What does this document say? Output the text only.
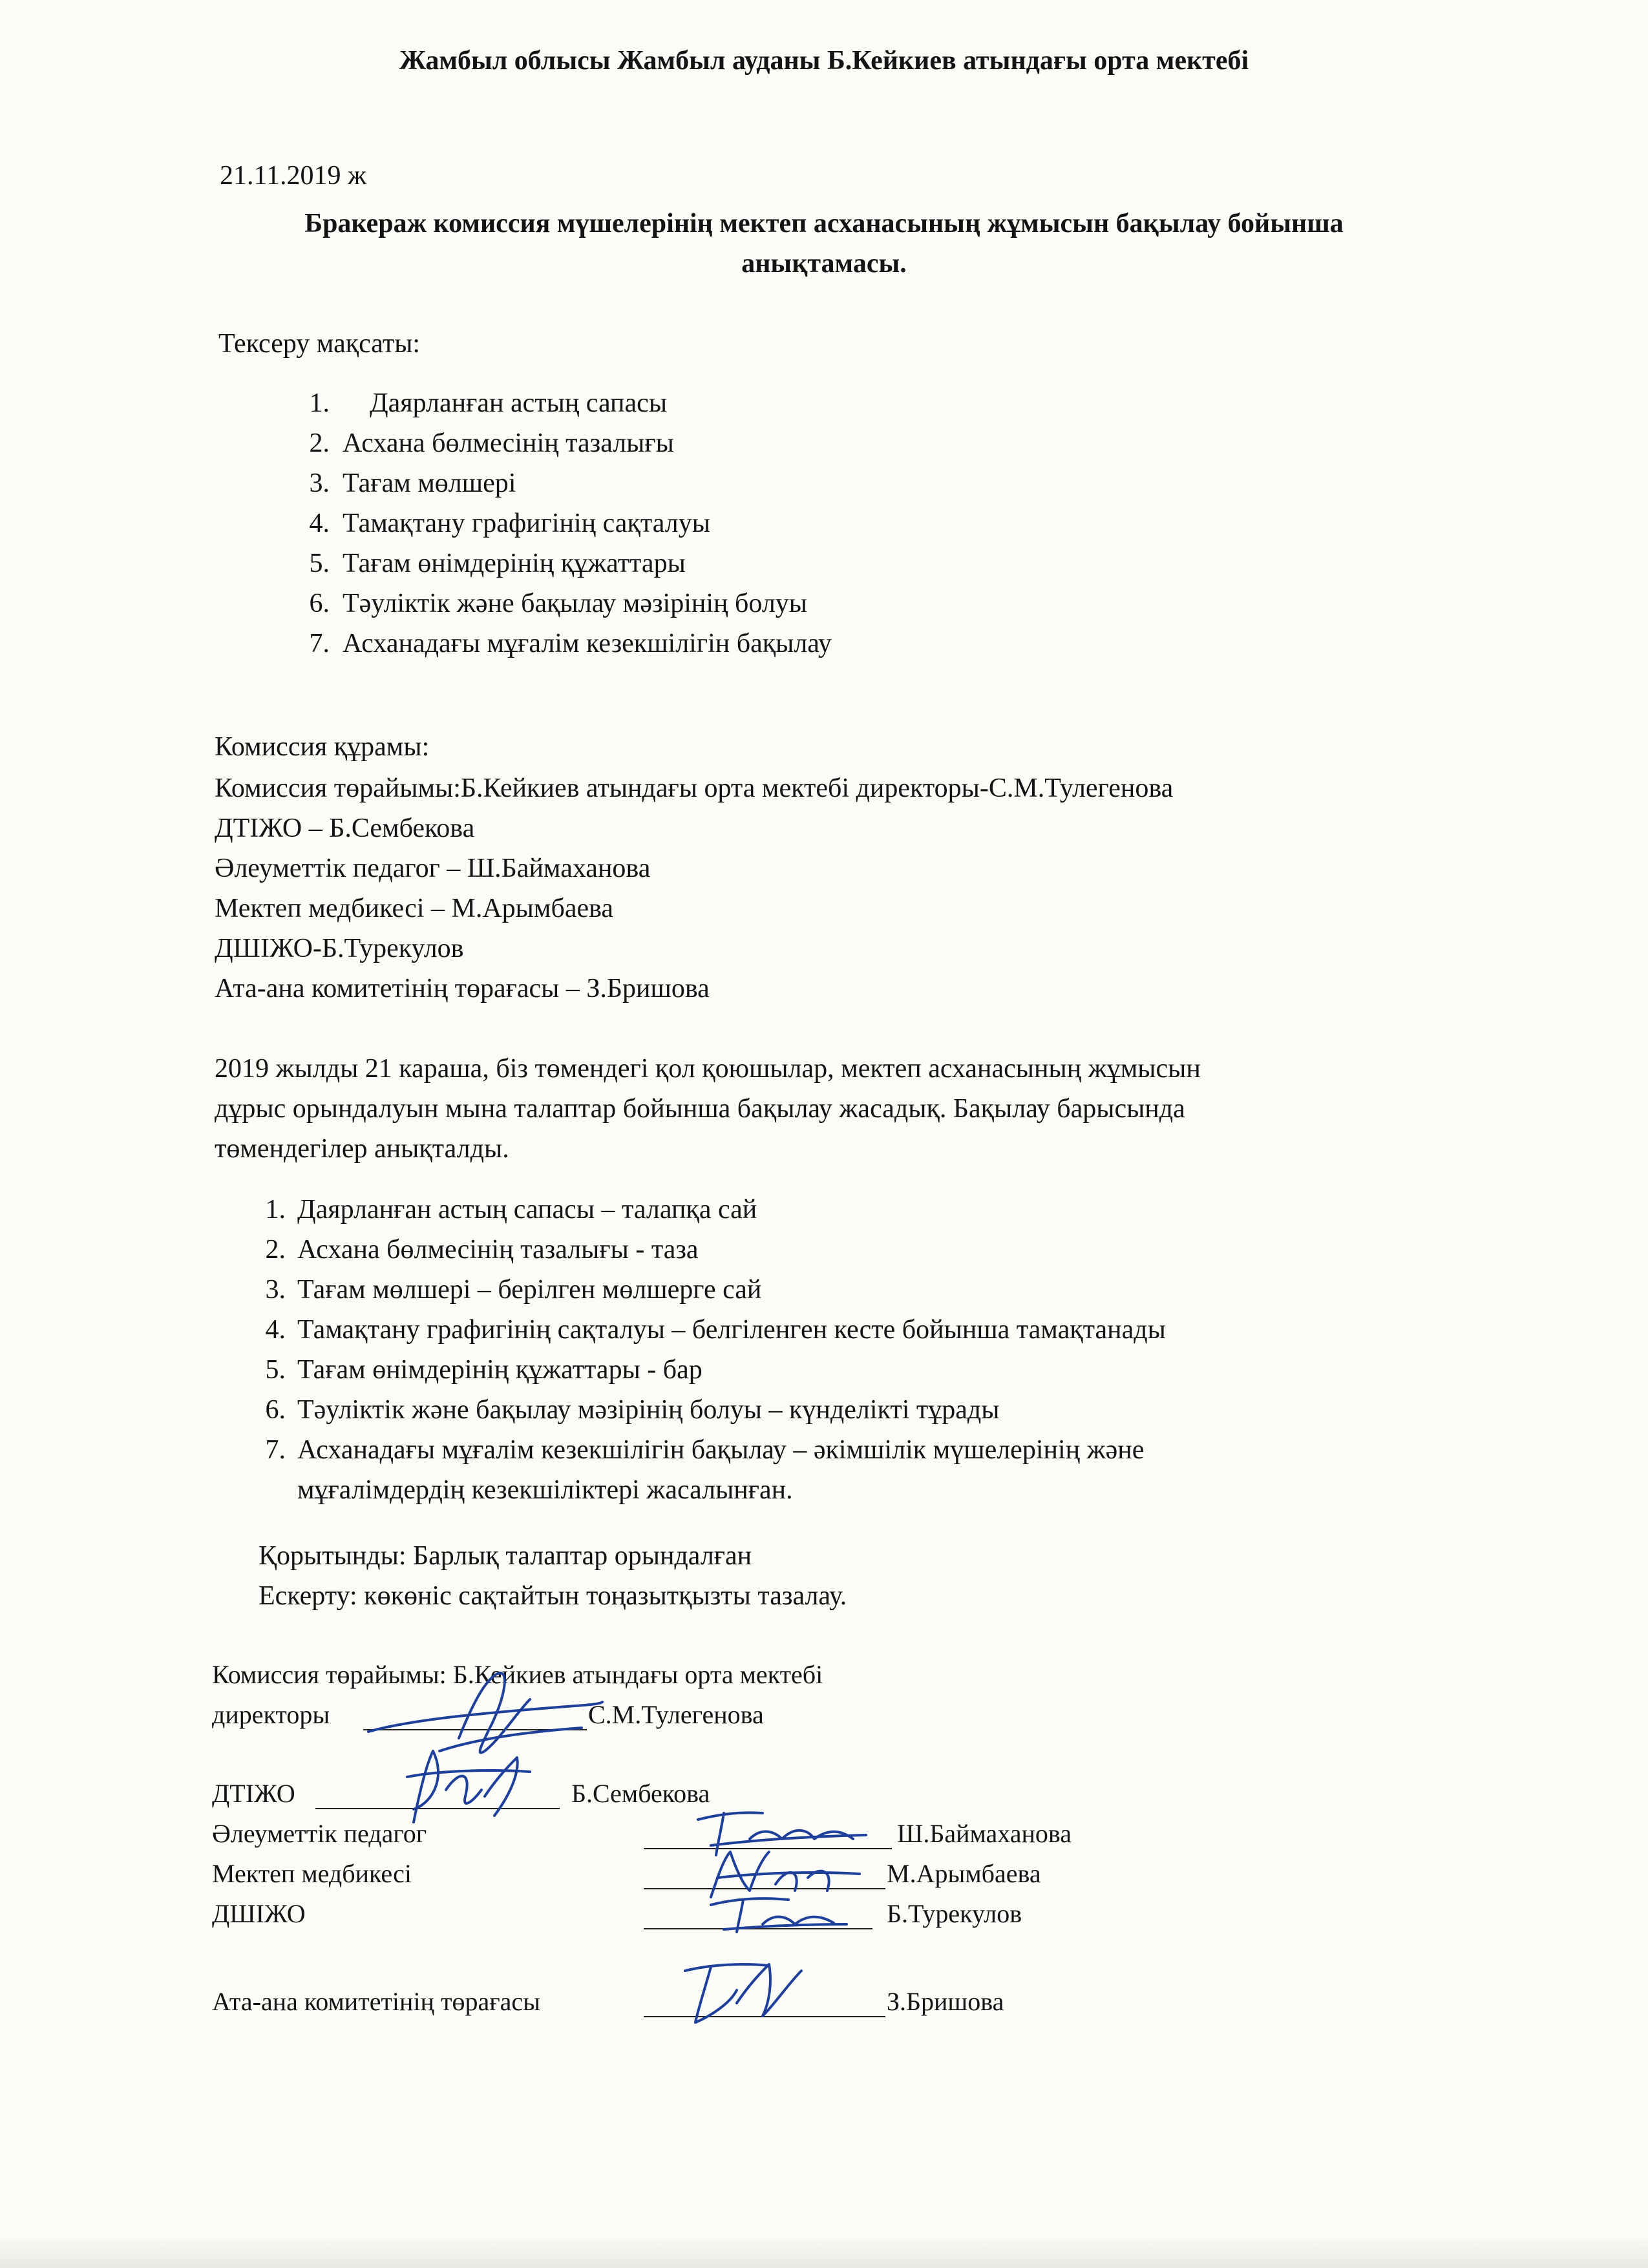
Жамбыл облысы Жамбыл ауданы Б.Кейкиев атындағы орта мектебі
21.11.2019 ж
Бракераж комиссия мүшелерінің мектеп асханасының жұмысын бақылау бойынша
анықтамасы.
Тексеру мақсаты:
1. Даярланған астың сапасы
2. Асхана бөлмесінің тазалығы
3. Тағам мөлшері
4. Тамақтану графигінің сақталуы
5. Тағам өнімдерінің құжаттары
6. Тәуліктік және бақылау мәзірінің болуы
7. Асханадағы мұғалім кезекшілігін бақылау
Комиссия құрамы:
Комиссия төрайымы:Б.Кейкиев атындағы орта мектебі директоры-С.М.Тулегенова
ДТІЖО – Б.Сембекова
Әлеуметтік педагог – Ш.Баймаханова
Мектеп медбикесі – М.Арымбаева
ДШІЖО-Б.Турекулов
Ата-ана комитетінің төрағасы – З.Бришова
2019 жылды 21 караша, біз төмендегі қол қоюшылар, мектеп асханасының жұмысын
дұрыс орындалуын мына талаптар бойынша бақылау жасадық. Бақылау барысында
төмендегілер анықталды.
1. Даярланған астың сапасы – талапқа сай
2. Асхана бөлмесінің тазалығы - таза
3. Тағам мөлшері – берілген мөлшерге сай
4. Тамақтану графигінің сақталуы – белгіленген кесте бойынша тамақтанады
5. Тағам өнімдерінің құжаттары - бар
6. Тәуліктік және бақылау мәзірінің болуы – күнделікті тұрады
7. Асханадағы мұғалім кезекшілігін бақылау – әкімшілік мүшелерінің және
мұғалімдердің кезекшіліктері жасалынған.
Қорытынды: Барлық талаптар орындалған
Ескерту: көкөніс сақтайтын тоңазытқызты тазалау.
Комиссия төрайымы: Б.Кейкиев атындағы орта мектебі
директоры	С.М.Тулегенова
ДТІЖО	Б.Сембекова
Әлеуметтік педагог	Ш.Баймаханова
Мектеп медбикесі	М.Арымбаева
ДШІЖО	Б.Турекулов
Ата-ана комитетінің төрағасы	З.Бришова
